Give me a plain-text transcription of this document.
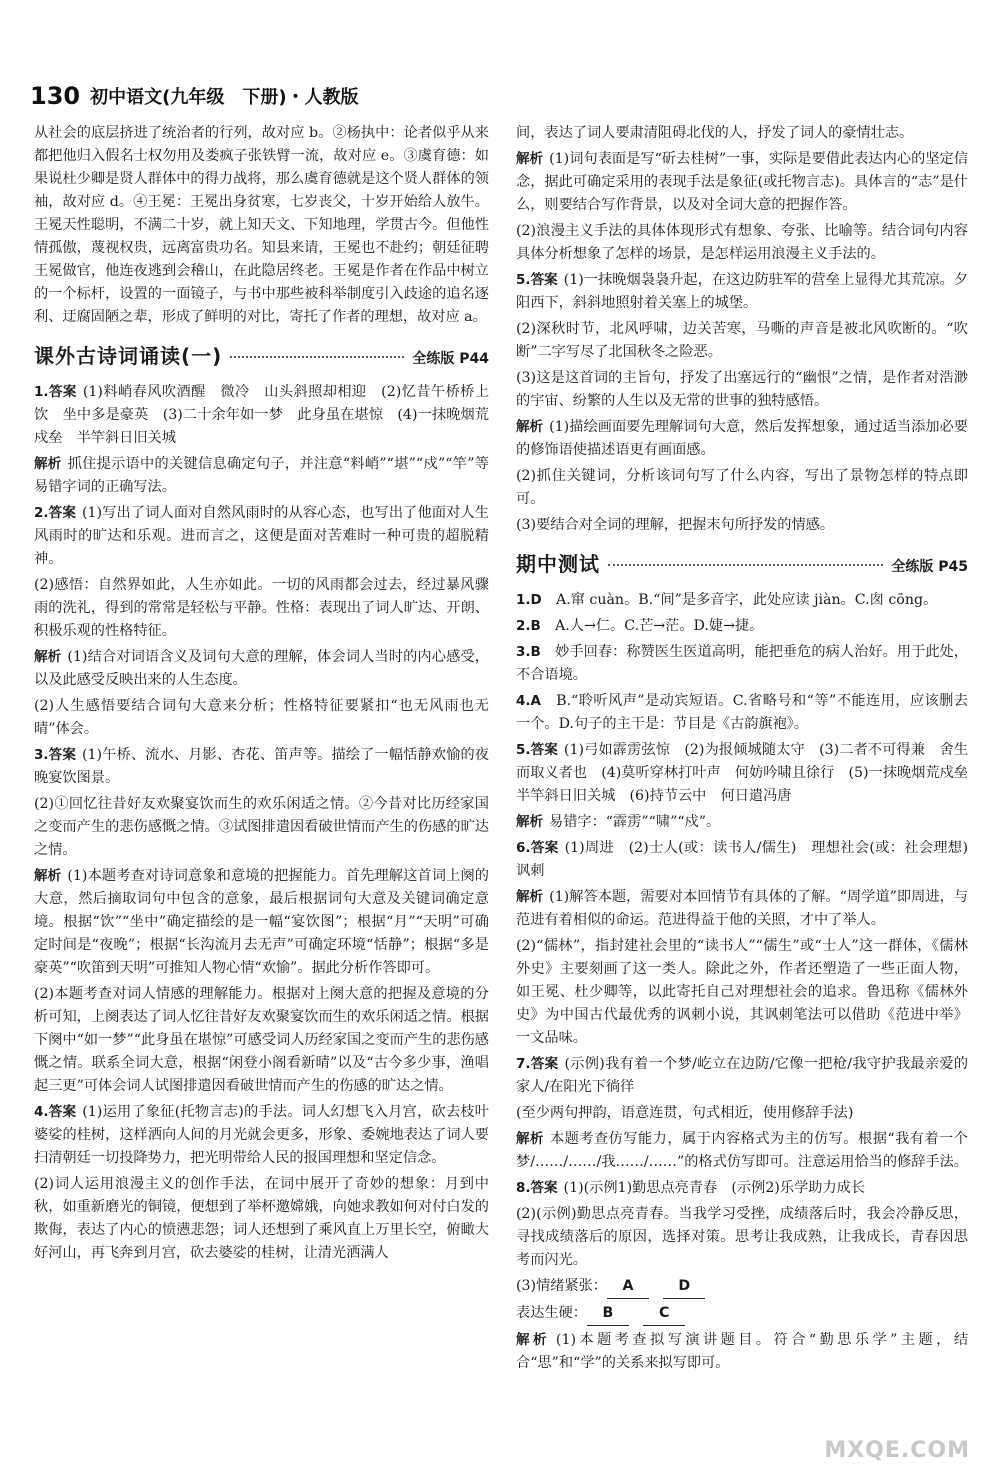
130 初中语文(九年级　下册)・人教版

从社会的底层挤进了统治者的行列，故对应 b。②杨执中：论者似乎从来都把他归入假名士权勿用及娄疯子张铁臂一流，故对应 e。③虞育德：如果说杜少卿是贤人群体中的得力战将，那么虞育德就是这个贤人群体的领袖，故对应 d。④王冕：王冕出身贫寒，七岁丧父，十岁开始给人放牛。王冕天性聪明，不满二十岁，就上知天文、下知地理，学贯古今。但他性情孤傲，蔑视权贵，远离富贵功名。知县来请，王冕也不赴约；朝廷征聘王冕做官，他连夜逃到会稽山，在此隐居终老。王冕是作者在作品中树立的一个标杆，设置的一面镜子，与书中那些被科举制度引入歧途的追名逐利、迂腐固陋之辈，形成了鲜明的对比，寄托了作者的理想，故对应 a。

课外古诗词诵读(一)	全练版 P44

1.答案 (1)料峭春风吹酒醒　微冷　山头斜照却相迎　(2)忆昔午桥桥上饮　坐中多是豪英　(3)二十余年如一梦　此身虽在堪惊　(4)一抹晚烟荒戍垒　半竿斜日旧关城

解析 抓住提示语中的关键信息确定句子，并注意“料峭”“堪”“戍”“竿”等易错字词的正确写法。

2.答案 (1)写出了词人面对自然风雨时的从容心态，也写出了他面对人生风雨时的旷达和乐观。进而言之，这便是面对苦难时一种可贵的超脱精神。

(2)感悟：自然界如此，人生亦如此。一切的风雨都会过去，经过暴风骤雨的洗礼，得到的常常是轻松与平静。性格：表现出了词人旷达、开朗、积极乐观的性格特征。

解析 (1)结合对词语含义及词句大意的理解，体会词人当时的内心感受，以及此感受反映出来的人生态度。

(2)人生感悟要结合词句大意来分析；性格特征要紧扣“也无风雨也无晴”体会。

3.答案 (1)午桥、流水、月影、杏花、笛声等。描绘了一幅恬静欢愉的夜晚宴饮图景。

(2)①回忆往昔好友欢聚宴饮而生的欢乐闲适之情。②今昔对比历经家国之变而产生的悲伤感慨之情。③试图排遣因看破世情而产生的伤感的旷达之情。

解析 (1)本题考查对诗词意象和意境的把握能力。首先理解这首词上阕的大意，然后摘取词句中包含的意象，最后根据词句大意及关键词确定意境。根据“饮”“坐中”确定描绘的是一幅“宴饮图”；根据“月”“天明”可确定时间是“夜晚”；根据“长沟流月去无声”可确定环境“恬静”；根据“多是豪英”“吹笛到天明”可推知人物心情“欢愉”。据此分析作答即可。

(2)本题考查对词人情感的理解能力。根据对上阕大意的把握及意境的分析可知，上阕表达了词人忆往昔好友欢聚宴饮而生的欢乐闲适之情。根据下阕中“如一梦”“此身虽在堪惊”可感受词人历经家国之变而产生的悲伤感慨之情。联系全词大意，根据“闲登小阁看新晴”以及“古今多少事，渔唱起三更”可体会词人试图排遣因看破世情而产生的伤感的旷达之情。

4.答案 (1)运用了象征(托物言志)的手法。词人幻想飞入月宫，砍去枝叶婆娑的桂树，这样洒向人间的月光就会更多，形象、委婉地表达了词人要扫清朝廷一切投降势力，把光明带给人民的报国理想和坚定信念。

(2)词人运用浪漫主义的创作手法，在词中展开了奇妙的想象：月到中秋，如重新磨光的铜镜，便想到了举杯邀嫦娥，向她求教如何对付白发的欺侮，表达了内心的愤懑悲怨；词人还想到了乘风直上万里长空，俯瞰大好河山，再飞奔到月宫，砍去婆娑的桂树，让清光洒满人

间，表达了词人要肃清阻碍北伐的人，抒发了词人的豪情壮志。

解析 (1)词句表面是写“斫去桂树”一事，实际是要借此表达内心的坚定信念，据此可确定采用的表现手法是象征(或托物言志)。具体言的“志”是什么，则要结合写作背景，以及对全词大意的把握作答。

(2)浪漫主义手法的具体体现形式有想象、夸张、比喻等。结合词句内容具体分析想象了怎样的场景，是怎样运用浪漫主义手法的。

5.答案 (1)一抹晚烟袅袅升起，在这边防驻军的营垒上显得尤其荒凉。夕阳西下，斜斜地照射着关塞上的城堡。

(2)深秋时节，北风呼啸，边关苦寒，马嘶的声音是被北风吹断的。“吹断”二字写尽了北国秋冬之险恶。

(3)这是这首词的主旨句，抒发了出塞远行的“幽恨”之情，是作者对浩渺的宇宙、纷繁的人生以及无常的世事的独特感悟。

解析 (1)描绘画面要先理解词句大意，然后发挥想象，通过适当添加必要的修饰语使描述语更有画面感。

(2)抓住关键词，分析该词句写了什么内容，写出了景物怎样的特点即可。

(3)要结合对全词的理解，把握末句所抒发的情感。

期中测试	全练版 P45

1.D　 A.窜 cuàn。B.“间”是多音字，此处应读 jiàn。C.囱 cōng。

2.B　 A.人→仁。C.芒→茫。D.婕→捷。

3.B　 妙手回春：称赞医生医道高明，能把垂危的病人治好。用于此处，不合语境。

4.A　 B.“聆听风声”是动宾短语。C.省略号和“等”不能连用，应该删去一个。D.句子的主干是：节目是《古韵旗袍》。

5.答案 (1)弓如霹雳弦惊　(2)为报倾城随太守　(3)二者不可得兼　舍生而取义者也　(4)莫听穿林打叶声　何妨吟啸且徐行　(5)一抹晚烟荒戍垒　半竿斜日旧关城　(6)持节云中　何日遣冯唐

解析 易错字：“霹雳”“啸”“戍”。

6.答案 (1)周进　(2)士人(或：读书人/儒生)　理想社会(或：社会理想)　讽刺

解析 (1)解答本题，需要对本回情节有具体的了解。“周学道”即周进，与范进有着相似的命运。范进得益于他的关照，才中了举人。

(2)“儒林”，指封建社会里的“读书人”“儒生”或“士人”这一群体，《儒林外史》主要刻画了这一类人。除此之外，作者还塑造了一些正面人物，如王冕、杜少卿等，以此寄托自己对理想社会的追求。鲁迅称《儒林外史》为中国古代最优秀的讽刺小说，其讽刺笔法可以借助《范进中举》一文品味。

7.答案 (示例)我有着一个梦/屹立在边防/它像一把枪/我守护我最亲爱的家人/在阳光下徜徉

(至少两句押韵，语意连贯，句式相近，使用修辞手法)

解析 本题考查仿写能力，属于内容格式为主的仿写。根据“我有着一个梦/……/……/我……/……”的格式仿写即可。注意运用恰当的修辞手法。

8.答案 (1)(示例1)勤思点亮青春　(示例2)乐学助力成长

(2)(示例)勤思点亮青春。当我学习受挫，成绩落后时，我会冷静反思，寻找成绩落后的原因，选择对策。思考让我成熟，让我成长，青春因思考而闪光。

(3)情绪紧张： A　	D

表达生硬： B　	C

解析 (1)本题考查拟写演讲题目。符合“勤思乐学”主题，结合“思”和“学”的关系来拟写即可。

MXQE.COM
